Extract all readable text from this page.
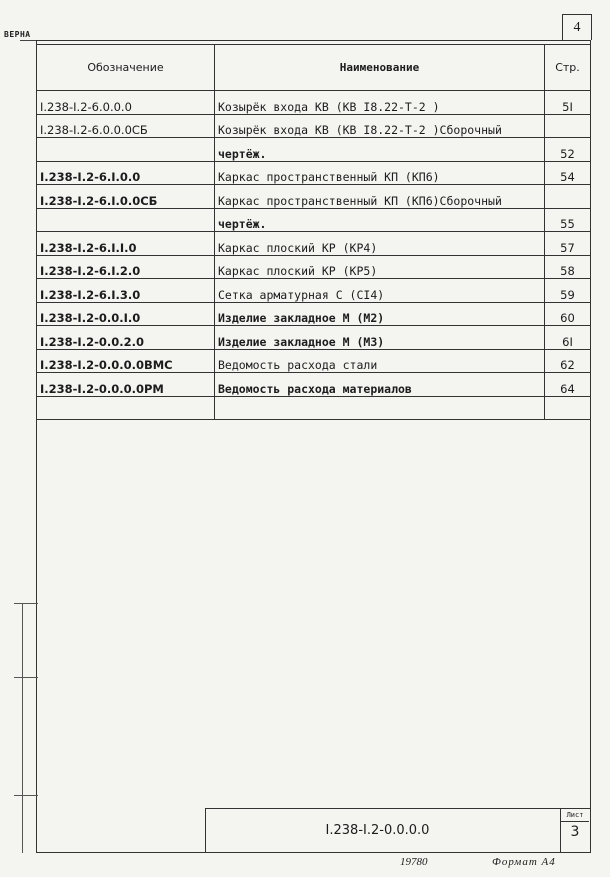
ВЕРНА	4
Обозначение	Наименование	Стр.
I.238-I.2-6.0.0.0	Козырёк входа КВ (КВ I8.22-Т-2 )	5I
I.238-I.2-6.0.0.0СБ	Козырёк входа КВ (КВ I8.22-Т-2 )Сборочный	
	чертёж.	52
I.238-I.2-6.I.0.0	Каркас пространственный КП (КП6)	54
I.238-I.2-6.I.0.0СБ	Каркас пространственный КП (КП6)Сборочный	
	чертёж.	55
I.238-I.2-6.I.I.0	Каркас плоский КР (КР4)	57
I.238-I.2-6.I.2.0	Каркас плоский КР (КР5)	58
I.238-I.2-6.I.3.0	Сетка арматурная С (СI4)	59
I.238-I.2-0.0.I.0	Изделие закладное М (М2)	60
I.238-I.2-0.0.2.0	Изделие закладное М (М3)	6I
I.238-I.2-0.0.0.0ВМС	Ведомость расхода стали	62
I.238-I.2-0.0.0.0РМ	Ведомость расхода материалов	64

I.238-I.2-0.0.0.0
Лист
3
19780	Формат А4
